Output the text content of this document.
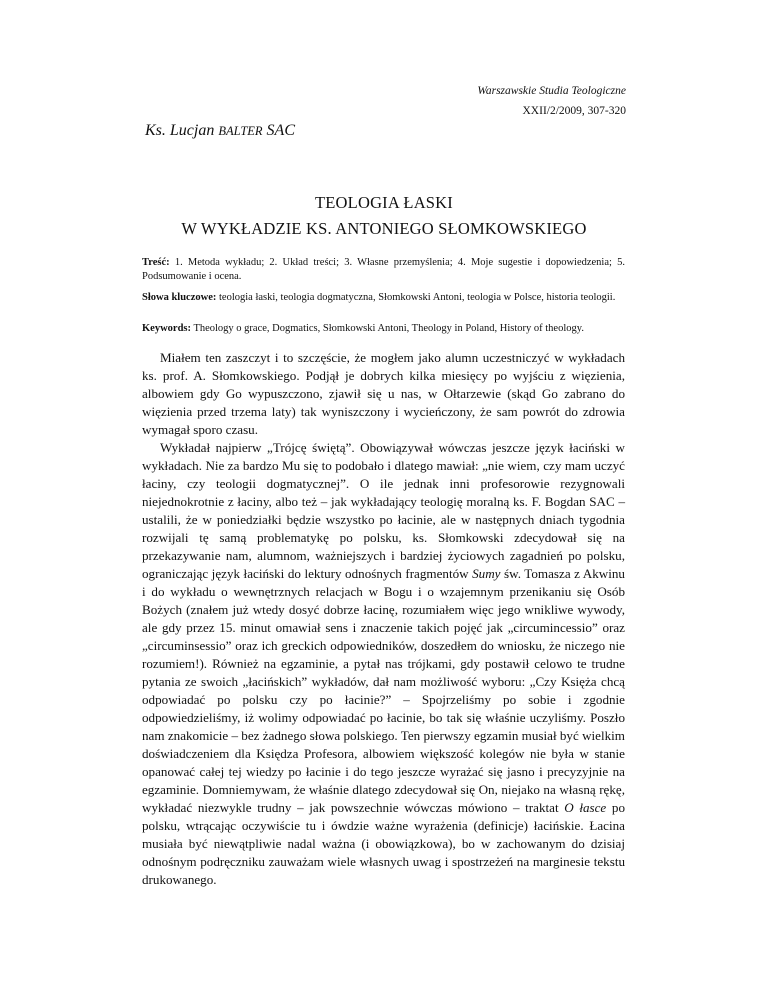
Warszawskie Studia Teologiczne
XXII/2/2009, 307-320
Ks. Lucjan BALTER SAC
TEOLOGIA ŁASKI
W WYKŁADZIE KS. ANTONIEGO SŁOMKOWSKIEGO
Treść: 1. Metoda wykładu; 2. Układ treści; 3. Własne przemyślenia; 4. Moje sugestie i dopowiedzenia; 5. Podsumowanie i ocena.
Słowa kluczowe: teologia łaski, teologia dogmatyczna, Słomkowski Antoni, teologia w Polsce, historia teologii.
Keywords: Theology o grace, Dogmatics, Słomkowski Antoni, Theology in Poland, History of theology.

Miałem ten zaszczyt i to szczęście, że mogłem jako alumn uczestniczyć w wykładach ks. prof. A. Słomkowskiego. Podjął je dobrych kilka miesięcy po wyjściu z więzienia, albowiem gdy Go wypuszczono, zjawił się u nas, w Ołtarzewie (skąd Go zabrano do więzienia przed trzema laty) tak wyniszczony i wycieńczony, że sam powrót do zdrowia wymagał sporo czasu.

Wykładał najpierw „Trójcę świętą”. Obowiązywał wówczas jeszcze język łaciński w wykładach. Nie za bardzo Mu się to podobało i dlatego mawiał: „nie wiem, czy mam uczyć łaciny, czy teologii dogmatycznej”. O ile jednak inni profesorowie rezygnowali niejednokrotnie z łaciny, albo też – jak wykładający teologię moralną ks. F. Bogdan SAC – ustalili, że w poniedziałki będzie wszystko po łacinie, ale w następnych dniach tygodnia rozwijali tę samą problematykę po polsku, ks. Słomkowski zdecydował się na przekazywanie nam, alumnom, ważniejszych i bardziej życiowych zagadnień po polsku, ograniczając język łaciński do lektury odnośnych fragmentów Sumy św. Tomasza z Akwinu i do wykładu o wewnętrznych relacjach w Bogu i o wzajemnym przenikaniu się Osób Bożych (znałem już wtedy dosyć dobrze łacinę, rozumiałem więc jego wnikliwe wywody, ale gdy przez 15. minut omawiał sens i znaczenie takich pojęć jak „circumincessio” oraz „circuminsessio” oraz ich greckich odpowiedników, doszedłem do wniosku, że niczego nie rozumiem!). Również na egzaminie, a pytał nas trójkami, gdy postawił celowo te trudne pytania ze swoich „łacińskich” wykładów, dał nam możliwość wyboru: „Czy Księża chcą odpowiadać po polsku czy po łacinie?” – Spojrzeliśmy po sobie i zgodnie odpowiedzieliśmy, iż wolimy odpowiadać po łacinie, bo tak się właśnie uczyliśmy. Poszło nam znakomicie – bez żadnego słowa polskiego. Ten pierwszy egzamin musiał być wielkim doświadczeniem dla Księdza Profesora, albowiem większość kolegów nie była w stanie opanować całej tej wiedzy po łacinie i do tego jeszcze wyrażać się jasno i precyzyjnie na egzaminie. Domniemywam, że właśnie dlatego zdecydował się On, niejako na własną rękę, wykładać niezwykle trudny – jak powszechnie wówczas mówiono – traktat O łasce po polsku, wtrącając oczywiście tu i ówdzie ważne wyrażenia (definicje) łacińskie. Łacina musiała być niewątpliwie nadal ważna (i obowiązkowa), bo w zachowanym do dzisiaj odnośnym podręczniku zauważam wiele własnych uwag i spostrzeżeń na marginesie tekstu drukowanego.
